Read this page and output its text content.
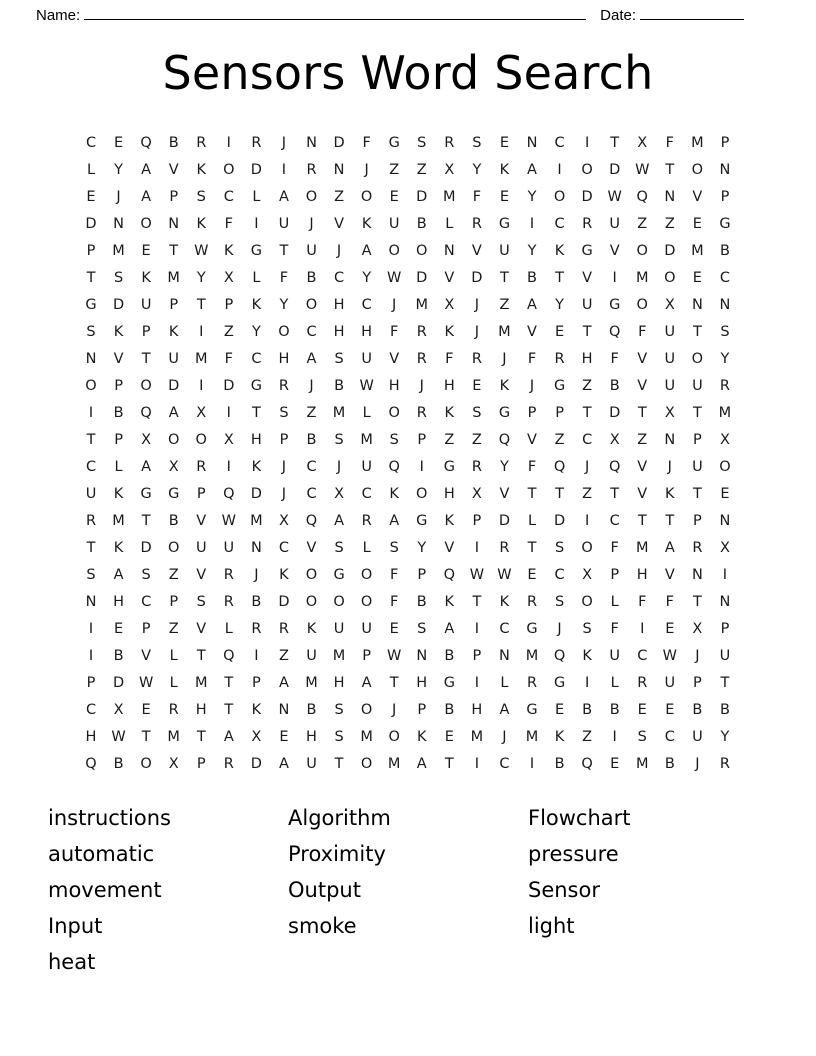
Name:	Date:
Sensors Word Search
C	E	Q	B	R	I	R	J	N	D	F	G	S	R	S	E	N	C	I	T	X	F	M	P
L	Y	A	V	K	O	D	I	R	N	J	Z	Z	X	Y	K	A	I	O	D	W	T	O	N
E	J	A	P	S	C	L	A	O	Z	O	E	D	M	F	E	Y	O	D	W	Q	N	V	P
D	N	O	N	K	F	I	U	J	V	K	U	B	L	R	G	I	C	R	U	Z	Z	E	G
P	M	E	T	W	K	G	T	U	J	A	O	O	N	V	U	Y	K	G	V	O	D	M	B
T	S	K	M	Y	X	L	F	B	C	Y	W	D	V	D	T	B	T	V	I	M	O	E	C
G	D	U	P	T	P	K	Y	O	H	C	J	M	X	J	Z	A	Y	U	G	O	X	N	N
S	K	P	K	I	Z	Y	O	C	H	H	F	R	K	J	M	V	E	T	Q	F	U	T	S
N	V	T	U	M	F	C	H	A	S	U	V	R	F	R	J	F	R	H	F	V	U	O	Y
O	P	O	D	I	D	G	R	J	B	W	H	J	H	E	K	J	G	Z	B	V	U	U	R
I	B	Q	A	X	I	T	S	Z	M	L	O	R	K	S	G	P	P	T	D	T	X	T	M
T	P	X	O	O	X	H	P	B	S	M	S	P	Z	Z	Q	V	Z	C	X	Z	N	P	X
C	L	A	X	R	I	K	J	C	J	U	Q	I	G	R	Y	F	Q	J	Q	V	J	U	O
U	K	G	G	P	Q	D	J	C	X	C	K	O	H	X	V	T	T	Z	T	V	K	T	E
R	M	T	B	V	W M	X	Q	A	R	A	G	K	P	D	L	D	I	C	T	T	P	N
T	K	D	O	U	U	N	C	V	S	L	S	Y	V	I	R	T	S	O	F	M	A	R	X
S	A	S	Z	V	R	J	K	O	G	O	F	P	Q	W W	E	C	X	P	H	V	N	I
N	H	C	P	S	R	B	D	O	O	O	F	B	K	T	K	R	S	O	L	F	F	T	N
I	E	P	Z	V	L	R	R	K	U	U	E	S	A	I	C	G	J	S	F	I	E	X	P
I	B	V	L	T	Q	I	Z	U	M	P	W	N	B	P	N	M	Q	K	U	C	W	J	U
P	D	W	L	M	T	P	A	M	H	A	T	H	G	I	L	R	G	I	L	R	U	P	T
C	X	E	R	H	T	K	N	B	S	O	J	P	B	H	A	G	E	B	B	E	E	B	B
H	W	T	M	T	A	X	E	H	S	M	O	K	E	M	J	M	K	Z	I	S	C	U	Y
Q	B	O	X	P	R	D	A	U	T	O	M	A	T	I	C	I	B	Q	E	M	B	J	R
instructions
automatic
movement
Input
heat
Algorithm
Proximity
Output
smoke
Flowchart
pressure
Sensor
light
